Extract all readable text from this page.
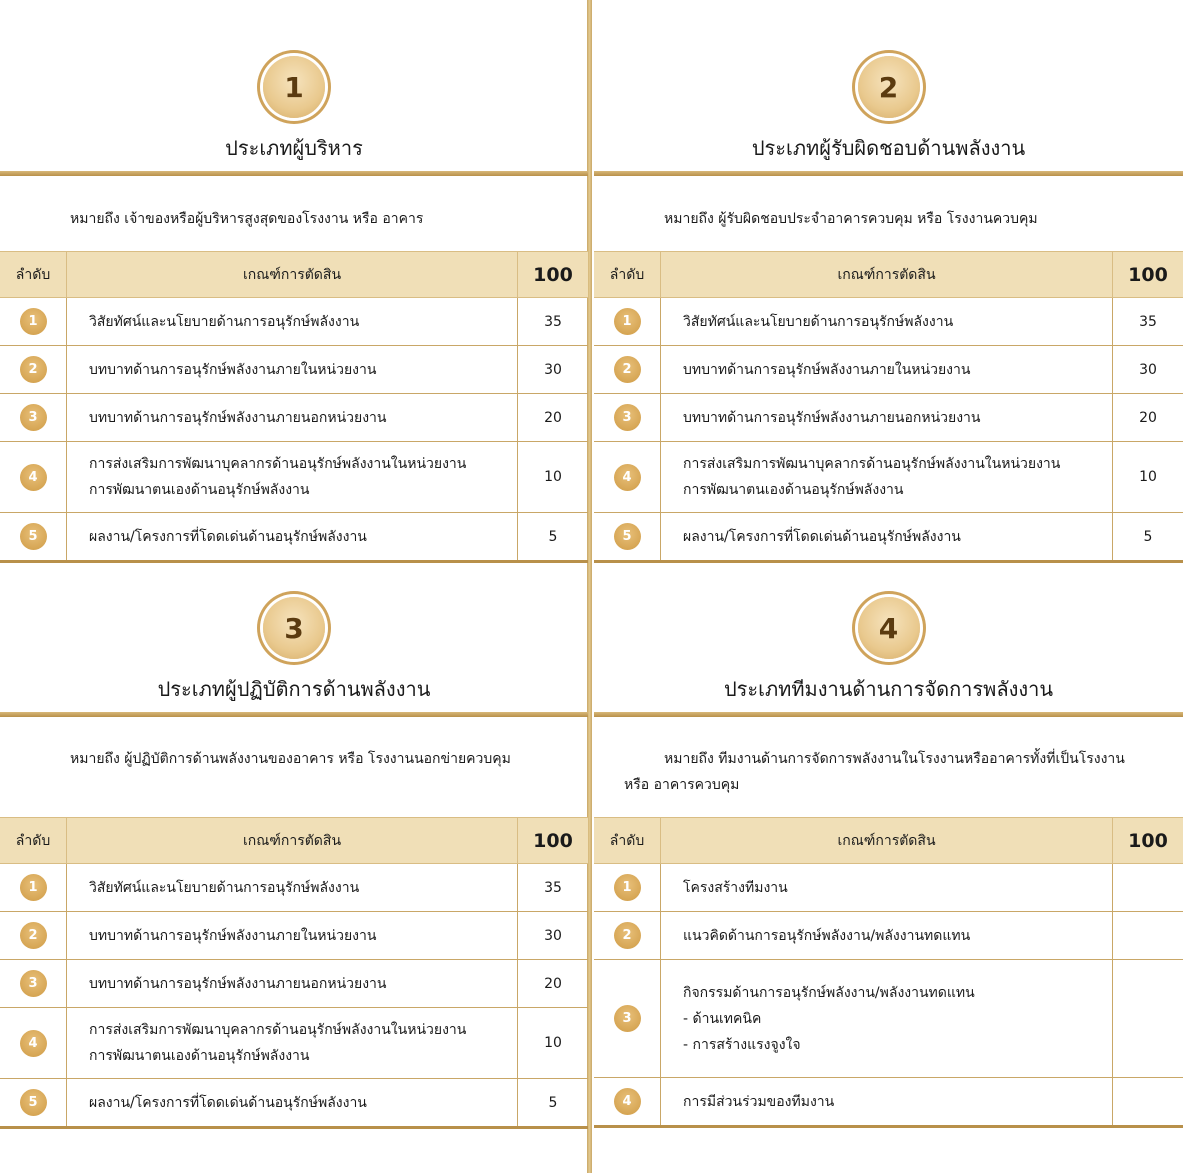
1
ประเภทผู้บริหาร
หมายถึง เจ้าของหรือผู้บริหารสูงสุดของโรงงาน หรือ อาคาร
ลำดับ	เกณฑ์การตัดสิน	100
1	วิสัยทัศน์และนโยบายด้านการอนุรักษ์พลังงาน	35
2	บทบาทด้านการอนุรักษ์พลังงานภายในหน่วยงาน	30
3	บทบาทด้านการอนุรักษ์พลังงานภายนอกหน่วยงาน	20
4	การส่งเสริมการพัฒนาบุคลากรด้านอนุรักษ์พลังงานในหน่วยงาน
การพัฒนาตนเองด้านอนุรักษ์พลังงาน	10
5	ผลงาน/โครงการที่โดดเด่นด้านอนุรักษ์พลังงาน	5
2
ประเภทผู้รับผิดชอบด้านพลังงาน
หมายถึง ผู้รับผิดชอบประจำอาคารควบคุม หรือ โรงงานควบคุม
ลำดับ	เกณฑ์การตัดสิน	100
1	วิสัยทัศน์และนโยบายด้านการอนุรักษ์พลังงาน	35
2	บทบาทด้านการอนุรักษ์พลังงานภายในหน่วยงาน	30
3	บทบาทด้านการอนุรักษ์พลังงานภายนอกหน่วยงาน	20
4	การส่งเสริมการพัฒนาบุคลากรด้านอนุรักษ์พลังงานในหน่วยงาน
การพัฒนาตนเองด้านอนุรักษ์พลังงาน	10
5	ผลงาน/โครงการที่โดดเด่นด้านอนุรักษ์พลังงาน	5
3
ประเภทผู้ปฏิบัติการด้านพลังงาน
หมายถึง ผู้ปฏิบัติการด้านพลังงานของอาคาร หรือ โรงงานนอกข่ายควบคุม
ลำดับ	เกณฑ์การตัดสิน	100
1	วิสัยทัศน์และนโยบายด้านการอนุรักษ์พลังงาน	35
2	บทบาทด้านการอนุรักษ์พลังงานภายในหน่วยงาน	30
3	บทบาทด้านการอนุรักษ์พลังงานภายนอกหน่วยงาน	20
4	การส่งเสริมการพัฒนาบุคลากรด้านอนุรักษ์พลังงานในหน่วยงาน
การพัฒนาตนเองด้านอนุรักษ์พลังงาน	10
5	ผลงาน/โครงการที่โดดเด่นด้านอนุรักษ์พลังงาน	5
4
ประเภททีมงานด้านการจัดการพลังงาน
หมายถึง ทีมงานด้านการจัดการพลังงานในโรงงานหรืออาคารทั้งที่เป็นโรงงาน หรือ อาคารควบคุม
ลำดับ	เกณฑ์การตัดสิน	100
1	โครงสร้างทีมงาน	

2	แนวคิดด้านการอนุรักษ์พลังงาน/พลังงานทดแทน	

3	กิจกรรมด้านการอนุรักษ์พลังงาน/พลังงานทดแทน
- ด้านเทคนิค
- การสร้างแรงจูงใจ	

4	การมีส่วนร่วมของทีมงาน	
